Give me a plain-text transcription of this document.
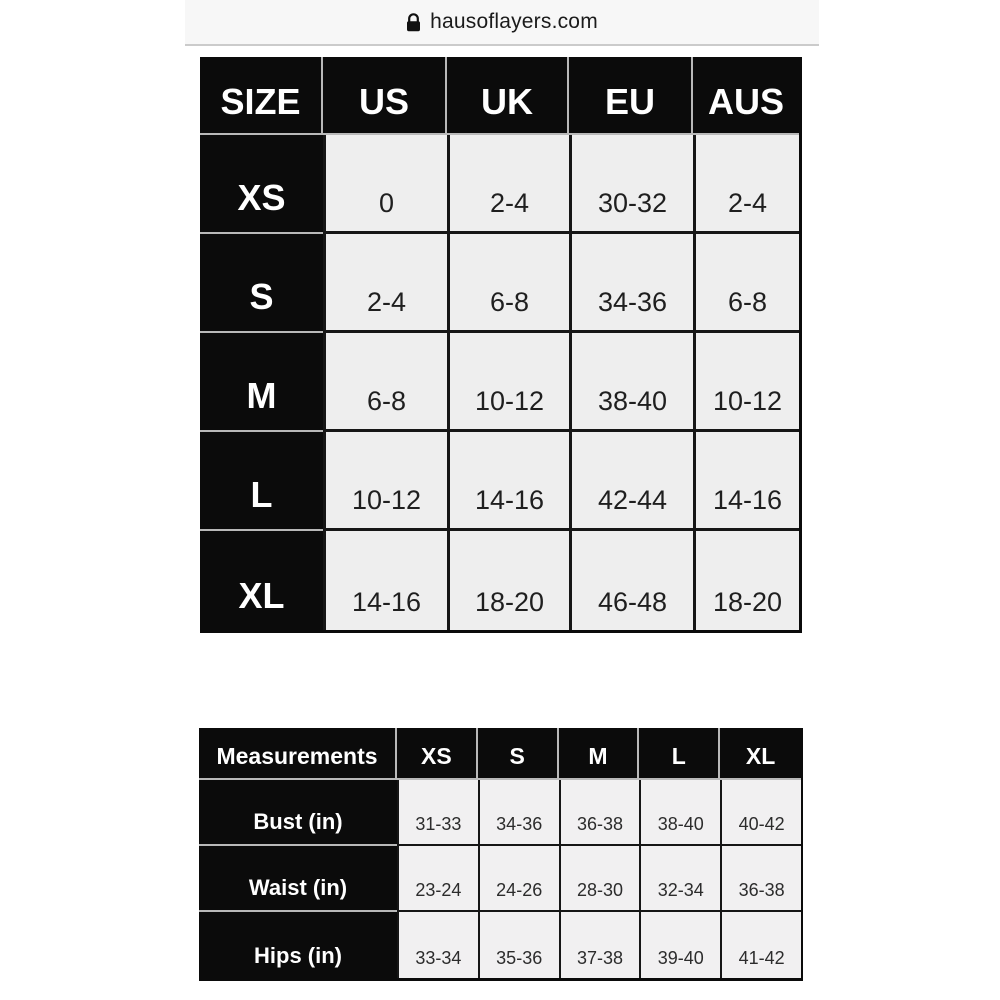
hausoflayers.com
SIZE	US	UK	EU	AUS
XS	0	2-4	30-32	2-4
S	2-4	6-8	34-36	6-8
M	6-8	10-12	38-40	10-12
L	10-12	14-16	42-44	14-16
XL	14-16	18-20	46-48	18-20
Measurements	XS	S	M	L	XL
Bust (in)	31-33	34-36	36-38	38-40	40-42
Waist (in)	23-24	24-26	28-30	32-34	36-38
Hips (in)	33-34	35-36	37-38	39-40	41-42
